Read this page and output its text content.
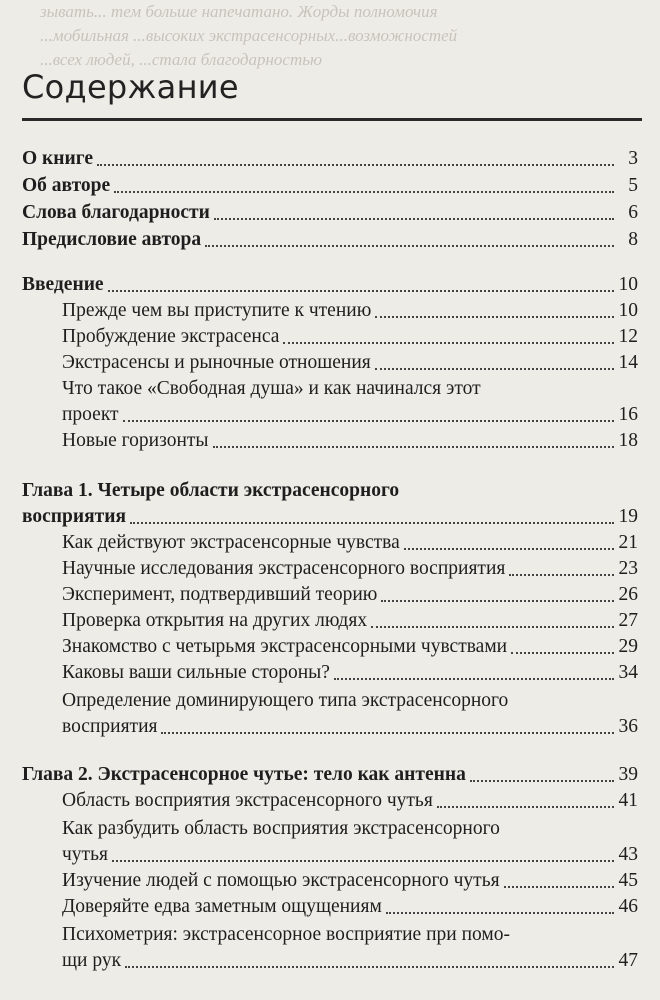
зывать... тем больше напечатано. Жорды полномочия
...мобильная ...высоких экстрасенсорных...возможностей
...всех людей, ...стала благодарностью
Содержание
О книге	3
Об авторе	5
Слова благодарности	6
Предисловие автора	8
Введение	10
Прежде чем вы приступите к чтению	10
Пробуждение экстрасенса	12
Экстрасенсы и рыночные отношения	14
Что такое «Свободная душа» и как начинался этот
проект	16
Новые горизонты	18
Глава 1. Четыре области экстрасенсорного
восприятия	19
Как действуют экстрасенсорные чувства	21
Научные исследования экстрасенсорного восприятия	23
Эксперимент, подтвердивший теорию	26
Проверка открытия на других людях	27
Знакомство с четырьмя экстрасенсорными чувствами	29
Каковы ваши сильные стороны?	34
Определение доминирующего типа экстрасенсорного
восприятия	36
Глава 2. Экстрасенсорное чутье: тело как антенна	39
Область восприятия экстрасенсорного чутья	41
Как разбудить область восприятия экстрасенсорного
чутья	43
Изучение людей с помощью экстрасенсорного чутья	45
Доверяйте едва заметным ощущениям	46
Психометрия: экстрасенсорное восприятие при помо-
щи рук	47
